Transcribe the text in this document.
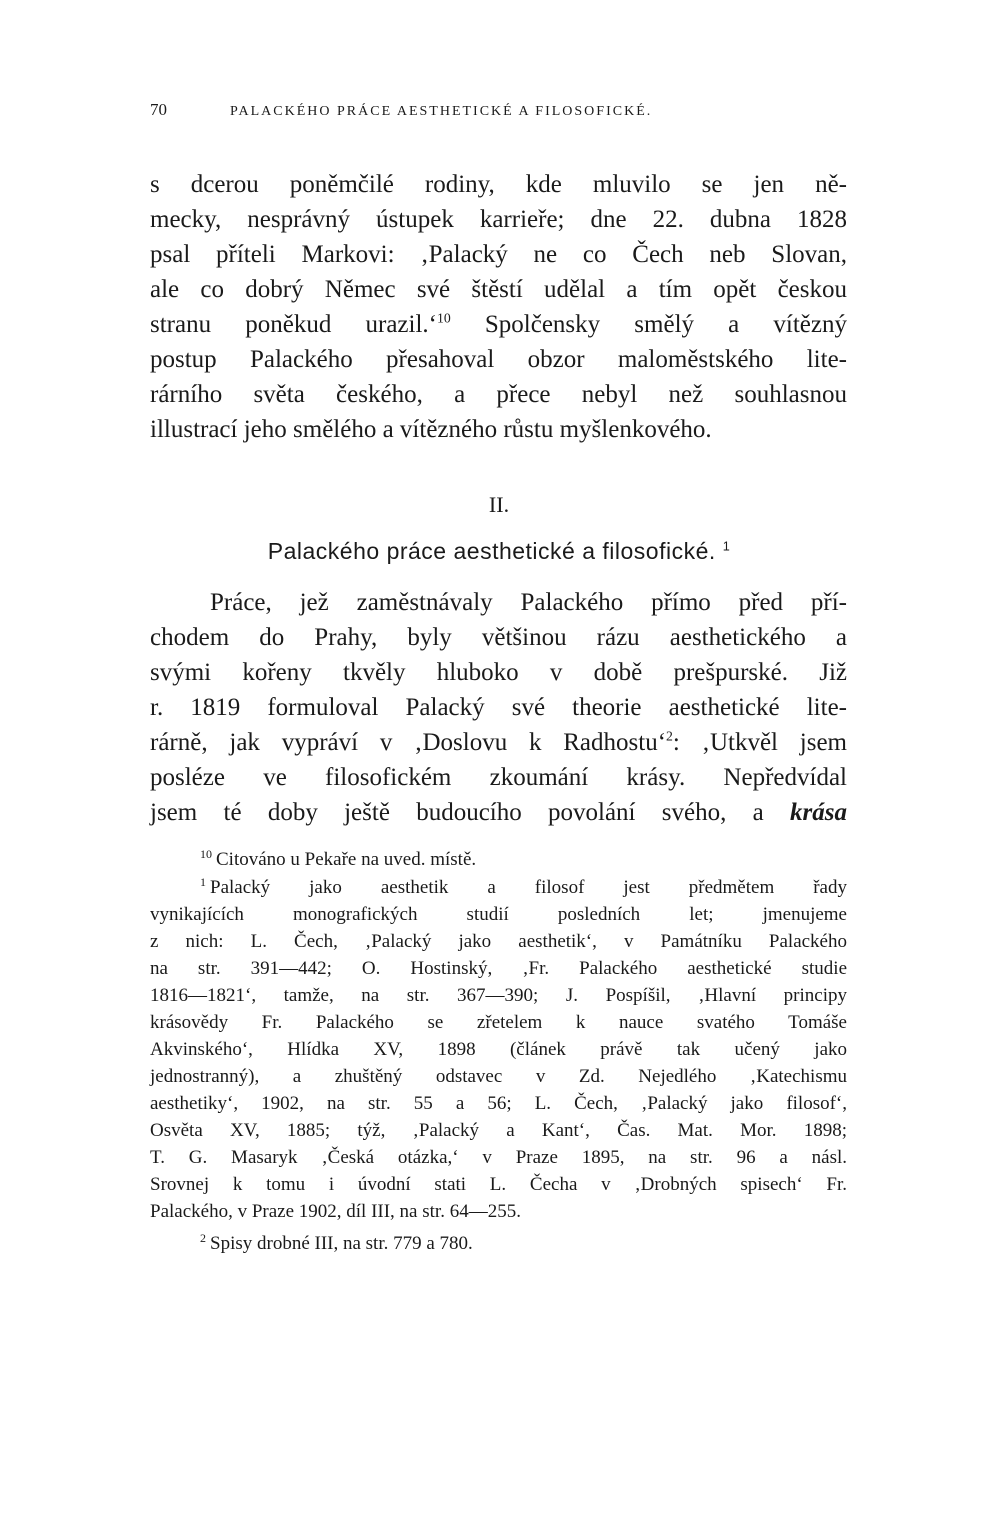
70	PALACKÉHO PRÁCE AESTHETICKÉ A FILOSOFICKÉ.
s dcerou poněmčilé rodiny, kde mluvilo se jen ně-
mecky, nesprávný ústupek karrieře; dne 22. dubna 1828
psal příteli Markovi: ‚Palacký ne co Čech neb Slovan,
ale co dobrý Němec své štěstí udělal a tím opět českou
stranu poněkud urazil.‘$^{10}$ Spolčensky smělý a vítězný
postup Palackého přesahoval obzor maloměstského lite-
rárního světa českého, a přece nebyl než souhlasnou
illustrací jeho smělého a vítězného růstu myšlenkového.
II.
Palackého práce aesthetické a filosofické. $^1$
Práce, jež zaměstnávaly Palackého přímo před pří-
chodem do Prahy, byly většinou rázu aesthetického a
svými kořeny tkvěly hluboko v době prešpurské. Již
r. 1819 formuloval Palacký své theorie aesthetické lite-
rárně, jak vypráví v ‚Doslovu k Radhostu‘$^2$: ‚Utkvěl jsem
posléze ve filosofickém zkoumání krásy. Nepředvídal
jsem té doby ještě budoucího povolání svého, a krása
$^{10}$ Citováno u Pekaře na uved. místě.
$^1$ Palacký jako aesthetik a filosof jest předmětem řady
vynikajících monografických studií posledních let; jmenujeme
z nich: L. Čech, ‚Palacký jako aesthetik‘, v Památníku Palackého
na str. 391—442; O. Hostinský, ‚Fr. Palackého aesthetické studie
1816—1821‘, tamže, na str. 367—390; J. Pospíšil, ‚Hlavní principy
krásovědy Fr. Palackého se zřetelem k nauce svatého Tomáše
Akvinského‘, Hlídka XV, 1898 (článek právě tak učený jako
jednostranný), a zhuštěný odstavec v Zd. Nejedlého ‚Katechismu
aesthetiky‘, 1902, na str. 55 a 56; L. Čech, ‚Palacký jako filosof‘,
Osvěta XV, 1885; týž, ‚Palacký a Kant‘, Čas. Mat. Mor. 1898;
T. G. Masaryk ‚Česká otázka,‘ v Praze 1895, na str. 96 a násl.
Srovnej k tomu i úvodní stati L. Čecha v ‚Drobných spisech‘ Fr.
Palackého, v Praze 1902, díl III, na str. 64—255.
$^2$ Spisy drobné III, na str. 779 a 780.
